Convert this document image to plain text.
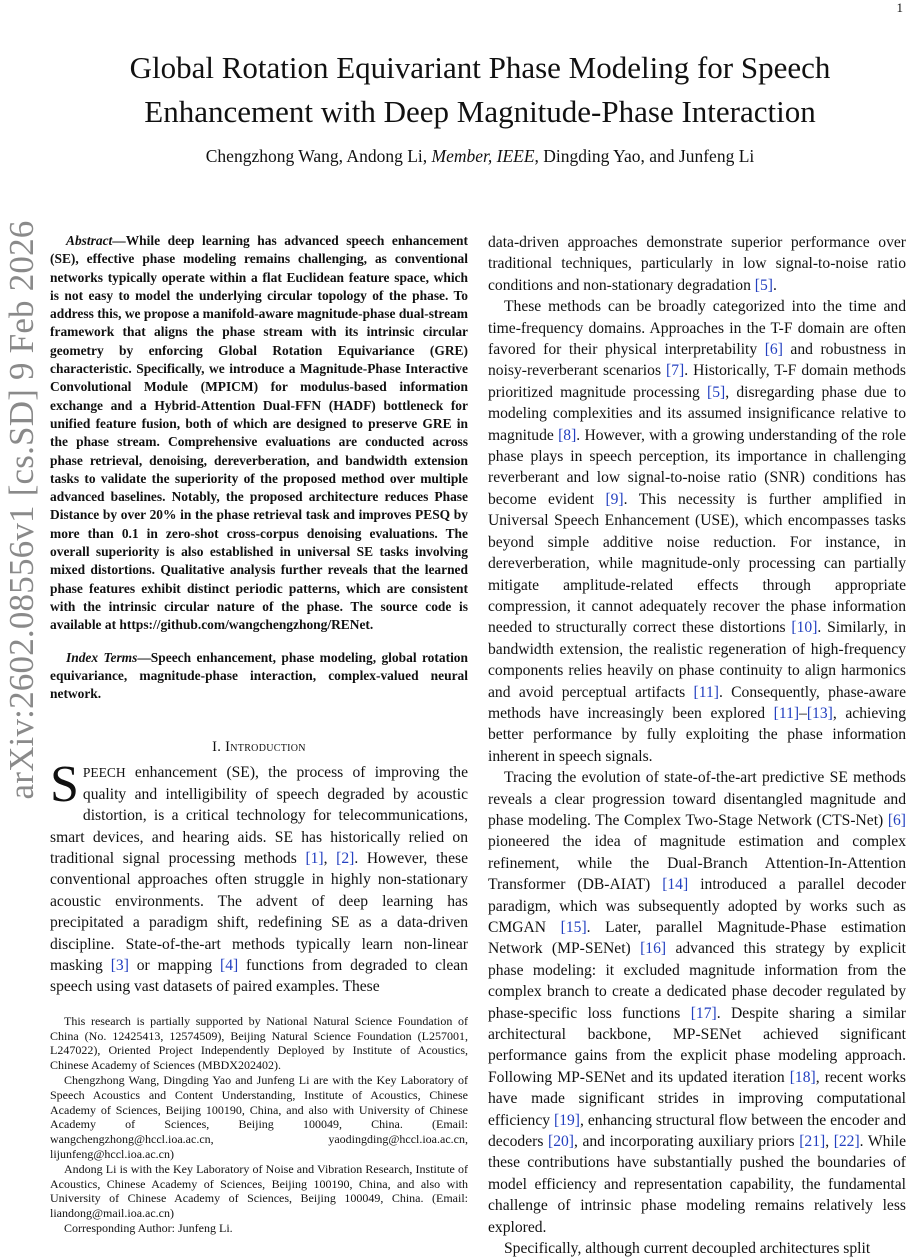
1
arXiv:2602.08556v1 [cs.SD] 9 Feb 2026
Global Rotation Equivariant Phase Modeling for Speech
Enhancement with Deep Magnitude-Phase Interaction
Chengzhong Wang, Andong Li, Member, IEEE, Dingding Yao, and Junfeng Li

Abstract—While deep learning has advanced speech enhancement (SE), effective phase modeling remains challenging, as conventional networks typically operate within a flat Euclidean feature space, which is not easy to model the underlying circular topology of the phase. To address this, we propose a manifold-aware magnitude-phase dual-stream framework that aligns the phase stream with its intrinsic circular geometry by enforcing Global Rotation Equivariance (GRE) characteristic. Specifically, we introduce a Magnitude-Phase Interactive Convolutional Module (MPICM) for modulus-based information exchange and a Hybrid-Attention Dual-FFN (HADF) bottleneck for unified feature fusion, both of which are designed to preserve GRE in the phase stream. Comprehensive evaluations are conducted across phase retrieval, denoising, dereverberation, and bandwidth extension tasks to validate the superiority of the proposed method over multiple advanced baselines. Notably, the proposed architecture reduces Phase Distance by over 20% in the phase retrieval task and improves PESQ by more than 0.1 in zero-shot cross-corpus denoising evaluations. The overall superiority is also established in universal SE tasks involving mixed distortions. Qualitative analysis further reveals that the learned phase features exhibit distinct periodic patterns, which are consistent with the intrinsic circular nature of the phase. The source code is available at https://github.com/wangchengzhong/RENet.

Index Terms—Speech enhancement, phase modeling, global rotation equivariance, magnitude-phase interaction, complex-valued neural network.

I. Introduction

SPEECH enhancement (SE), the process of improving the quality and intelligibility of speech degraded by acoustic distortion, is a critical technology for telecommunications, smart devices, and hearing aids. SE has historically relied on traditional signal processing methods [1], [2]. However, these conventional approaches often struggle in highly non-stationary acoustic environments. The advent of deep learning has precipitated a paradigm shift, redefining SE as a data-driven discipline. State-of-the-art methods typically learn non-linear masking [3] or mapping [4] functions from degraded to clean speech using vast datasets of paired examples. These

This research is partially supported by National Natural Science Foundation of China (No. 12425413, 12574509), Beijing Natural Science Foundation (L257001, L247022), Oriented Project Independently Deployed by Institute of Acoustics, Chinese Academy of Sciences (MBDX202402).

Chengzhong Wang, Dingding Yao and Junfeng Li are with the Key Laboratory of Speech Acoustics and Content Understanding, Institute of Acoustics, Chinese Academy of Sciences, Beijing 100190, China, and also with University of Chinese Academy of Sciences, Beijing 100049, China. (Email: wangchengzhong@hccl.ioa.ac.cn, yaodingding@hccl.ioa.ac.cn, lijunfeng@hccl.ioa.ac.cn)

Andong Li is with the Key Laboratory of Noise and Vibration Research, Institute of Acoustics, Chinese Academy of Sciences, Beijing 100190, China, and also with University of Chinese Academy of Sciences, Beijing 100049, China. (Email: liandong@mail.ioa.ac.cn)

Corresponding Author: Junfeng Li.

data-driven approaches demonstrate superior performance over traditional techniques, particularly in low signal-to-noise ratio conditions and non-stationary degradation [5].

These methods can be broadly categorized into the time and time-frequency domains. Approaches in the T-F domain are often favored for their physical interpretability [6] and robustness in noisy-reverberant scenarios [7]. Historically, T-F domain methods prioritized magnitude processing [5], disregarding phase due to modeling complexities and its assumed insignificance relative to magnitude [8]. However, with a growing understanding of the role phase plays in speech perception, its importance in challenging reverberant and low signal-to-noise ratio (SNR) conditions has become evident [9]. This necessity is further amplified in Universal Speech Enhancement (USE), which encompasses tasks beyond simple additive noise reduction. For instance, in dereverberation, while magnitude-only processing can partially mitigate amplitude-related effects through appropriate compression, it cannot adequately recover the phase information needed to structurally correct these distortions [10]. Similarly, in bandwidth extension, the realistic regeneration of high-frequency components relies heavily on phase continuity to align harmonics and avoid perceptual artifacts [11]. Consequently, phase-aware methods have increasingly been explored [11]–[13], achieving better performance by fully exploiting the phase information inherent in speech signals.

Tracing the evolution of state-of-the-art predictive SE methods reveals a clear progression toward disentangled magnitude and phase modeling. The Complex Two-Stage Network (CTS-Net) [6] pioneered the idea of magnitude estimation and complex refinement, while the Dual-Branch Attention-In-Attention Transformer (DB-AIAT) [14] introduced a parallel decoder paradigm, which was subsequently adopted by works such as CMGAN [15]. Later, parallel Magnitude-Phase estimation Network (MP-SENet) [16] advanced this strategy by explicit phase modeling: it excluded magnitude information from the complex branch to create a dedicated phase decoder regulated by phase-specific loss functions [17]. Despite sharing a similar architectural backbone, MP-SENet achieved significant performance gains from the explicit phase modeling approach. Following MP-SENet and its updated iteration [18], recent works have made significant strides in improving computational efficiency [19], enhancing structural flow between the encoder and decoders [20], and incorporating auxiliary priors [21], [22]. While these contributions have substantially pushed the boundaries of model efficiency and representation capability, the fundamental challenge of intrinsic phase modeling remains relatively less explored.

Specifically, although current decoupled architectures split
